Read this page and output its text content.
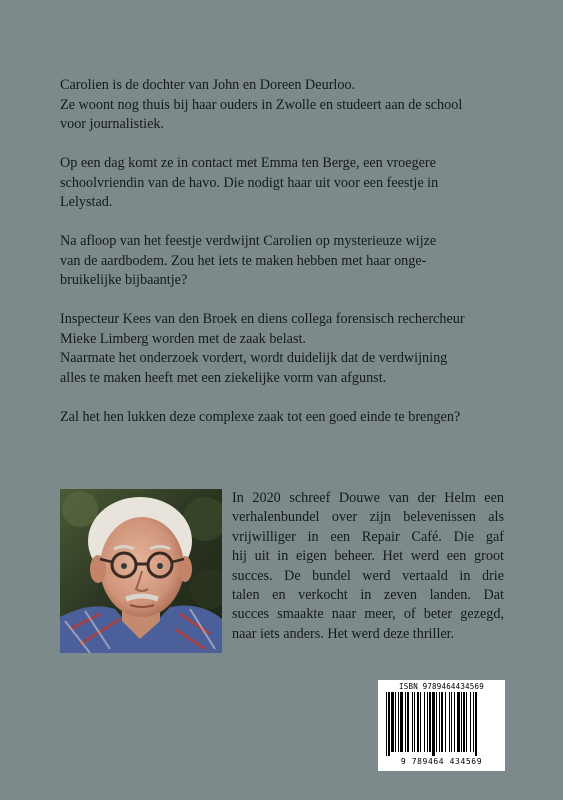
Carolien is de dochter van John en Doreen Deurloo.
Ze woont nog thuis bij haar ouders in Zwolle en studeert aan de school
voor journalistiek.

Op een dag komt ze in contact met Emma ten Berge, een vroegere
schoolvriendin van de havo. Die nodigt haar uit voor een feestje in
Lelystad.

Na afloop van het feestje verdwijnt Carolien op mysterieuze wijze
van de aardbodem. Zou het iets te maken hebben met haar onge-
bruikelijke bijbaantje?

Inspecteur Kees van den Broek en diens collega forensisch rechercheur
Mieke Limberg worden met de zaak belast.
Naarmate het onderzoek vordert, wordt duidelijk dat de verdwijning
alles te maken heeft met een ziekelijke vorm van afgunst.

Zal het hen lukken deze complexe zaak tot een goed einde te brengen?

In 2020 schreef Douwe van der Helm een
verhalenbundel over zijn belevenissen als
vrijwilliger in een Repair Café. Die gaf
hij uit in eigen beheer. Het werd een groot
succes. De bundel werd vertaald in drie
talen en verkocht in zeven landen. Dat
succes smaakte naar meer, of beter gezegd,
naar iets anders. Het werd deze thriller.
ISBN 9789464434569
9 789464 434569
